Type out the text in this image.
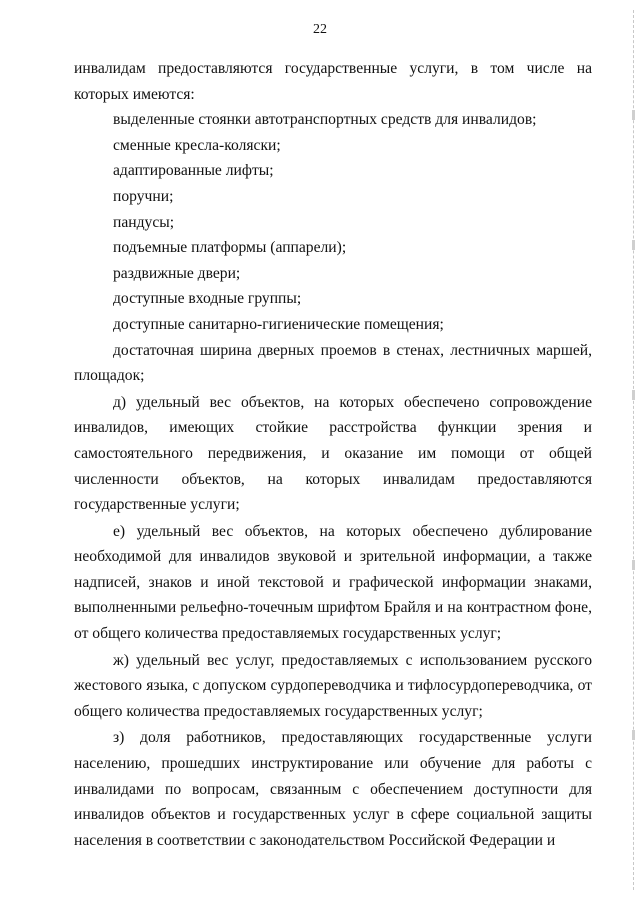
22

инвалидам предоставляются государственные услуги, в том числе на которых имеются:

выделенные стоянки автотранспортных средств для инвалидов;

сменные кресла-коляски;

адаптированные лифты;

поручни;

пандусы;

подъемные платформы (аппарели);

раздвижные двери;

доступные входные группы;

доступные санитарно-гигиенические помещения;

достаточная ширина дверных проемов в стенах, лестничных маршей, площадок;

д) удельный вес объектов, на которых обеспечено сопровождение инвалидов, имеющих стойкие расстройства функции зрения и самостоятельного передвижения, и оказание им помощи от общей численности объектов, на которых инвалидам предоставляются государственные услуги;

е) удельный вес объектов, на которых обеспечено дублирование необходимой для инвалидов звуковой и зрительной информации, а также надписей, знаков и иной текстовой и графической информации знаками, выполненными рельефно-точечным шрифтом Брайля и на контрастном фоне, от общего количества предоставляемых государственных услуг;

ж) удельный вес услуг, предоставляемых с использованием русского жестового языка, с допуском сурдопереводчика и тифлосурдопереводчика, от общего количества предоставляемых государственных услуг;

з) доля работников, предоставляющих государственные услуги населению, прошедших инструктирование или обучение для работы с инвалидами по вопросам, связанным с обеспечением доступности для инвалидов объектов и государственных услуг в сфере социальной защиты населения в соответствии с законодательством Российской Федерации и
